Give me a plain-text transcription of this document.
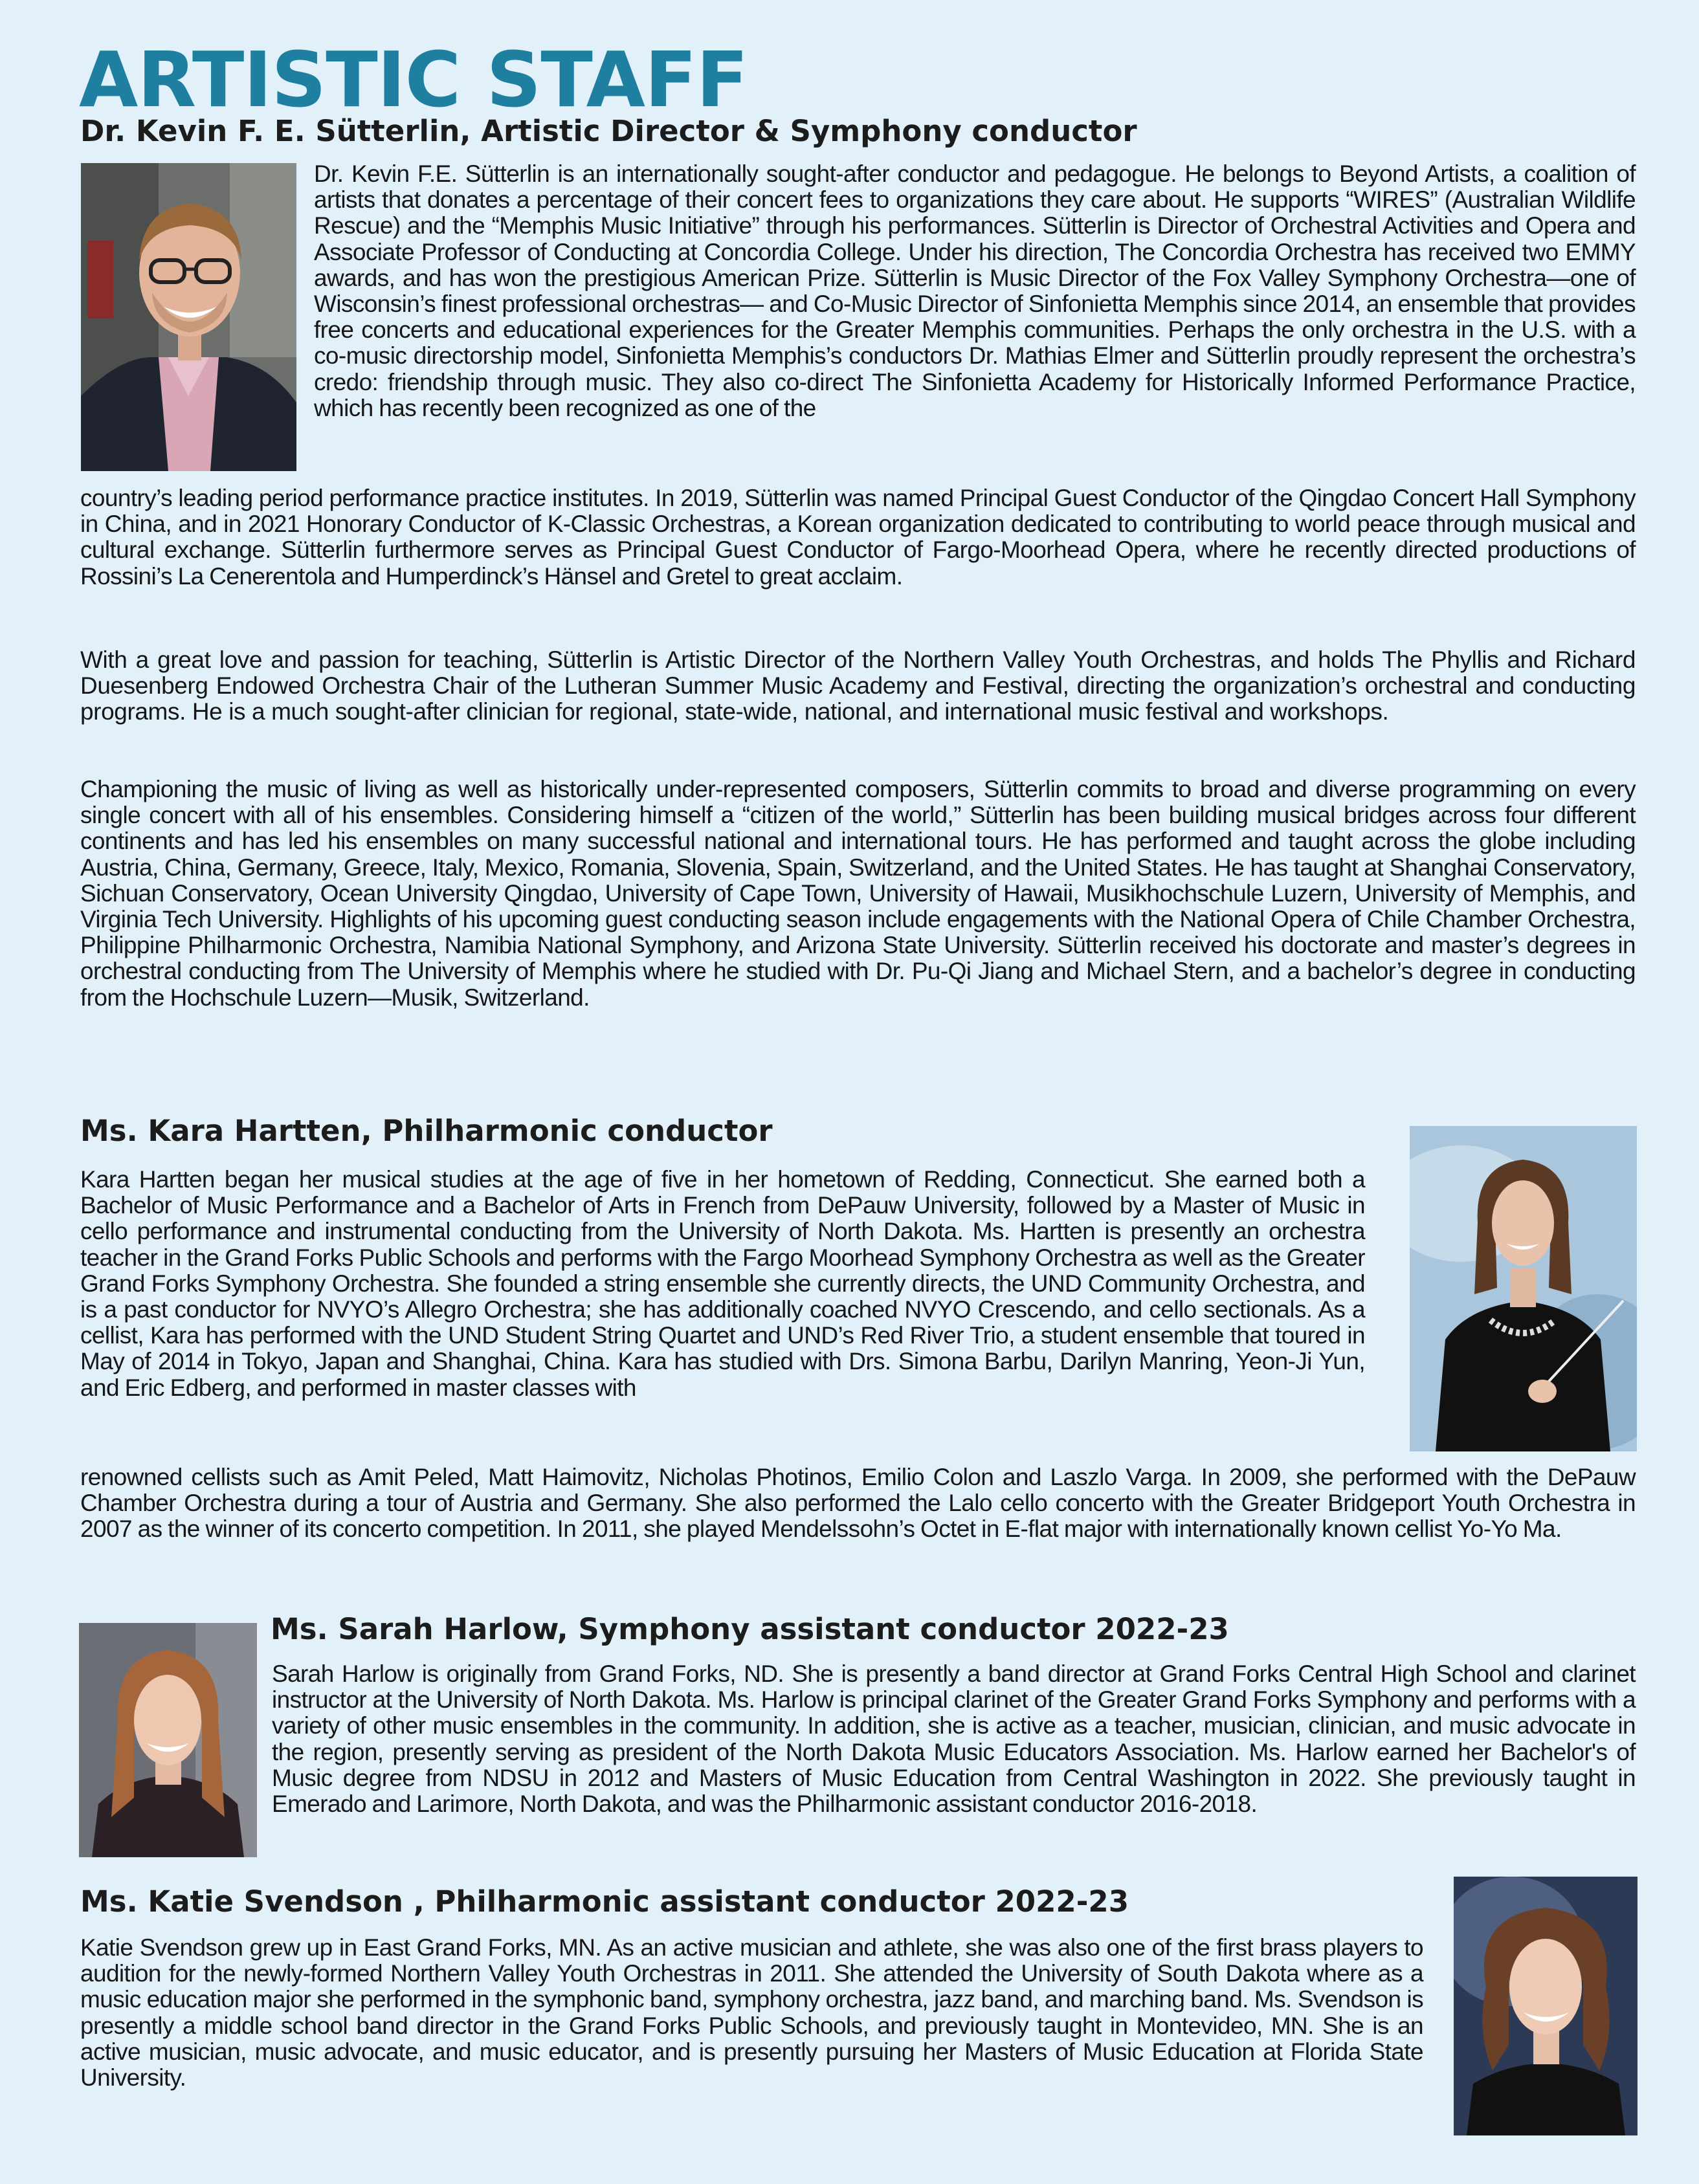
ARTISTIC STAFF
Dr. Kevin F. E. Sütterlin, Artistic Director & Symphony conductor

Dr. Kevin F.E. Sütterlin is an internationally sought-after conductor and pedagogue. He belongs to Beyond Artists, a coalition of artists that donates a percentage of their concert fees to organizations they care about. He supports “WIRES” (Australian Wildlife Rescue) and the “Memphis Music Initiative” through his performances. Sütterlin is Director of Orchestral Activities and Opera and Associate Professor of Conducting at Concordia College. Under his direction, The Concordia Orchestra has received two EMMY awards, and has won the prestigious American Prize. Sütterlin is Music Director of the Fox Valley Symphony Orchestra—one of Wisconsin’s finest professional orchestras— and Co-Music Director of Sinfonietta Memphis since 2014, an ensemble that provides free concerts and educational experiences for the Greater Memphis communities. Perhaps the only orchestra in the U.S. with a co-music directorship model, Sinfonietta Memphis’s conductors Dr. Mathias Elmer and Sütterlin proudly represent the orchestra’s credo: friendship through music. They also co-direct The Sinfonietta Academy for Historically Informed Performance Practice, which has recently been recognized as one of the

country’s leading period performance practice institutes. In 2019, Sütterlin was named Principal Guest Conductor of the Qingdao Concert Hall Symphony in China, and in 2021 Honorary Conductor of K-Classic Orchestras, a Korean organization dedicated to contributing to world peace through musical and cultural exchange. Sütterlin furthermore serves as Principal Guest Conductor of Fargo-Moorhead Opera, where he recently directed productions of Rossini’s La Cenerentola and Humperdinck’s Hänsel and Gretel to great acclaim.

With a great love and passion for teaching, Sütterlin is Artistic Director of the Northern Valley Youth Orchestras, and holds The Phyllis and Richard Duesenberg Endowed Orchestra Chair of the Lutheran Summer Music Academy and Festival, directing the organization’s orchestral and conducting programs. He is a much sought-after clinician for regional, state-wide, national, and international music festival and workshops.

Championing the music of living as well as historically under-represented composers, Sütterlin commits to broad and diverse programming on every single concert with all of his ensembles. Considering himself a “citizen of the world,” Sütterlin has been building musical bridges across four different continents and has led his ensembles on many successful national and international tours. He has performed and taught across the globe including Austria, China, Germany, Greece, Italy, Mexico, Romania, Slovenia, Spain, Switzerland, and the United States. He has taught at Shanghai Conservatory, Sichuan Conservatory, Ocean University Qingdao, University of Cape Town, University of Hawaii, Musikhochschule Luzern, University of Memphis, and Virginia Tech University. Highlights of his upcoming guest conducting season include engagements with the National Opera of Chile Chamber Orchestra, Philippine Philharmonic Orchestra, Namibia National Symphony, and Arizona State University. Sütterlin received his doctorate and master’s degrees in orchestral conducting from The University of Memphis where he studied with Dr. Pu-Qi Jiang and Michael Stern, and a bachelor’s degree in conducting from the Hochschule Luzern—Musik, Switzerland.

Ms. Kara Hartten, Philharmonic conductor

Kara Hartten began her musical studies at the age of five in her hometown of Redding, Connecticut. She earned both a Bachelor of Music Performance and a Bachelor of Arts in French from DePauw University, followed by a Master of Music in cello performance and instrumental conducting from the University of North Dakota. Ms. Hartten is presently an orchestra teacher in the Grand Forks Public Schools and performs with the Fargo Moorhead Symphony Orchestra as well as the Greater Grand Forks Symphony Orchestra. She founded a string ensemble she currently directs, the UND Community Orchestra, and is a past conductor for NVYO’s Allegro Orchestra; she has additionally coached NVYO Crescendo, and cello sectionals. As a cellist, Kara has performed with the UND Student String Quartet and UND’s Red River Trio, a student ensemble that toured in May of 2014 in Tokyo, Japan and Shanghai, China. Kara has studied with Drs. Simona Barbu, Darilyn Manring, Yeon-Ji Yun, and Eric Edberg, and performed in master classes with

renowned cellists such as Amit Peled, Matt Haimovitz, Nicholas Photinos, Emilio Colon and Laszlo Varga. In 2009, she performed with the DePauw Chamber Orchestra during a tour of Austria and Germany. She also performed the Lalo cello concerto with the Greater Bridgeport Youth Orchestra in 2007 as the winner of its concerto competition. In 2011, she played Mendelssohn’s Octet in E-flat major with internationally known cellist Yo-Yo Ma.

Ms. Sarah Harlow, Symphony assistant conductor 2022-23

Sarah Harlow is originally from Grand Forks, ND. She is presently a band director at Grand Forks Central High School and clarinet instructor at the University of North Dakota. Ms. Harlow is principal clarinet of the Greater Grand Forks Symphony and performs with a variety of other music ensembles in the community. In addition, she is active as a teacher, musician, clinician, and music advocate in the region, presently serving as president of the North Dakota Music Educators Association. Ms. Harlow earned her Bachelor's of Music degree from NDSU in 2012 and Masters of Music Education from Central Washington in 2022. She previously taught in Emerado and Larimore, North Dakota, and was the Philharmonic assistant conductor 2016-2018.

Ms. Katie Svendson , Philharmonic assistant conductor 2022-23

Katie Svendson grew up in East Grand Forks, MN. As an active musician and athlete, she was also one of the first brass players to audition for the newly-formed Northern Valley Youth Orchestras in 2011. She attended the University of South Dakota where as a music education major she performed in the symphonic band, symphony orchestra, jazz band, and marching band. Ms. Svendson is presently a middle school band director in the Grand Forks Public Schools, and previously taught in Montevideo, MN. She is an active musician, music advocate, and music educator, and is presently pursuing her Masters of Music Education at Florida State University.
